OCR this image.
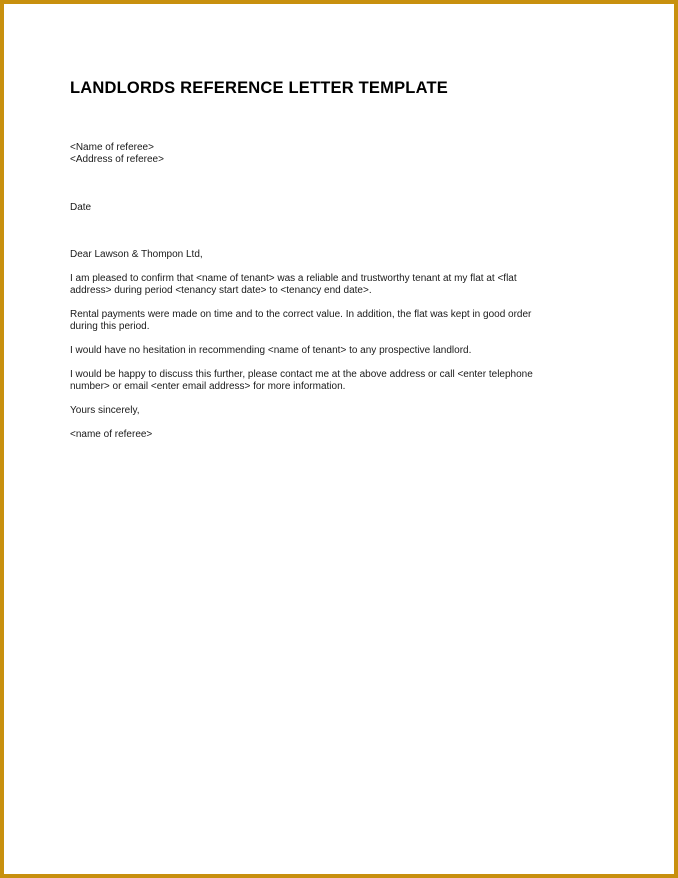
LANDLORDS REFERENCE LETTER TEMPLATE
<Name of referee>
<Address of referee>
Date
Dear Lawson & Thompon Ltd,
I am pleased to confirm that <name of tenant> was a reliable and trustworthy tenant at my flat at <flat
address> during period <tenancy start date> to <tenancy end date>.
Rental payments were made on time and to the correct value. In addition, the flat was kept in good order
during this period.
I would have no hesitation in recommending <name of tenant> to any prospective landlord.
I would be happy to discuss this further, please contact me at the above address or call <enter telephone
number> or email <enter email address> for more information.
Yours sincerely,
<name of referee>
